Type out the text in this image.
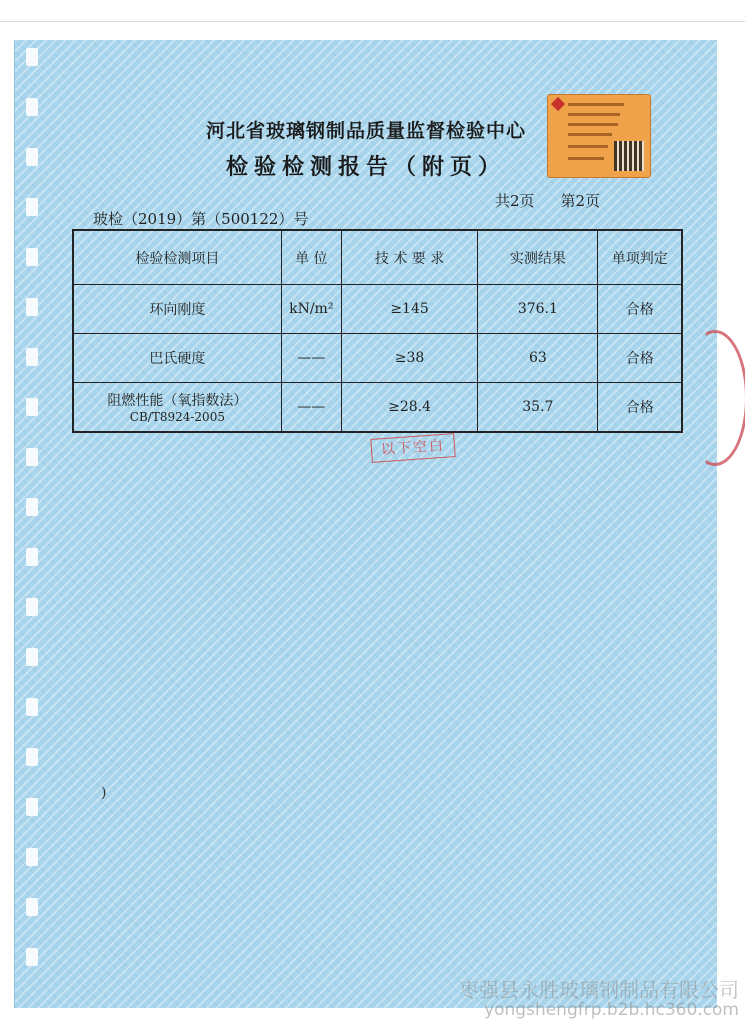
河北省玻璃钢制品质量监督检验中心
检验检测报告（附页）
共2页 第2页
玻检（2019）第（500122）号
检验检测项目	单 位	技 术 要 求	实测结果	单项判定
环向刚度	kN/m²	≥145	376.1	合格
巴氏硬度	——	≥38	63	合格
阻燃性能（氧指数法）
CB/T8924-2005	——	≥28.4	35.7	合格
以下空白
)
枣强县永胜玻璃钢制品有限公司
yongshengfrp.b2b.hc360.com
